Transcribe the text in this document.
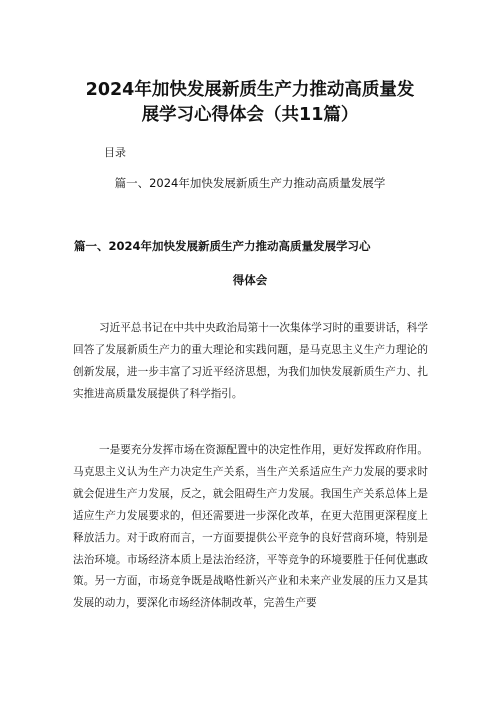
2024年加快发展新质生产力推动高质量发
展学习心得体会（共11篇）
目录
篇一、2024年加快发展新质生产力推动高质量发展学
篇一、2024年加快发展新质生产力推动高质量发展学习心
得体会
习近平总书记在中共中央政治局第十一次集体学习时的重要讲话，科学回答了发展新质生产力的重大理论和实践问题，是马克思主义生产力理论的创新发展，进一步丰富了习近平经济思想，为我们加快发展新质生产力、扎实推进高质量发展提供了科学指引。
一是要充分发挥市场在资源配置中的决定性作用，更好发挥政府作用。马克思主义认为生产力决定生产关系，当生产关系适应生产力发展的要求时就会促进生产力发展，反之，就会阻碍生产力发展。我国生产关系总体上是适应生产力发展要求的，但还需要进一步深化改革，在更大范围更深程度上释放活力。对于政府而言，一方面要提供公平竞争的良好营商环境，特别是法治环境。市场经济本质上是法治经济，平等竞争的环境要胜于任何优惠政策。另一方面，市场竞争既是战略性新兴产业和未来产业发展的压力又是其发展的动力，要深化市场经济体制改革，完善生产要
